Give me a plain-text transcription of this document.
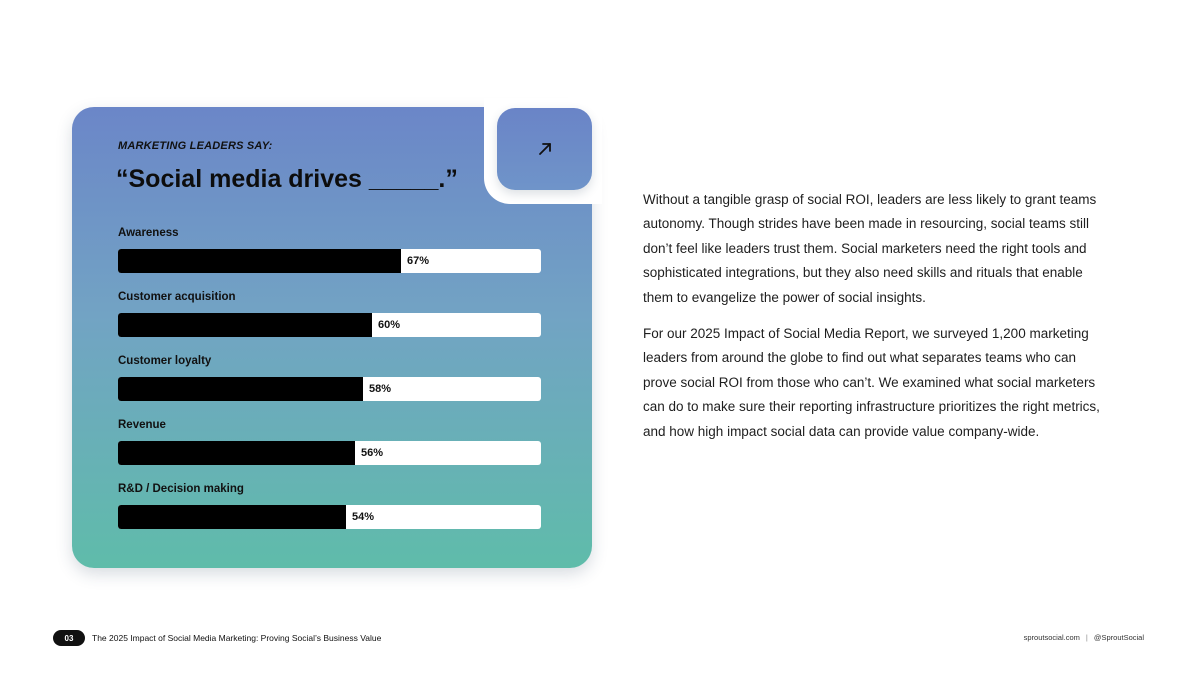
MARKETING LEADERS SAY:
“Social media drives _____.”
Awareness
67%
Customer acquisition
60%
Customer loyalty
58%
Revenue
56%
R&D / Decision making
54%

Without a tangible grasp of social ROI, leaders are less likely to grant teams autonomy. Though strides have been made in resourcing, social teams still don’t feel like leaders trust them. Social marketers need the right tools and sophisticated integrations, but they also need skills and rituals that enable them to evangelize the power of social insights.

For our 2025 Impact of Social Media Report, we surveyed 1,200 marketing leaders from around the globe to find out what separates teams who can prove social ROI from those who can’t. We examined what social marketers can do to make sure their reporting infrastructure prioritizes the right metrics, and how high impact social data can provide value company-wide.

03	The 2025 Impact of Social Media Marketing: Proving Social’s Business Value	sproutsocial.com | @SproutSocial
